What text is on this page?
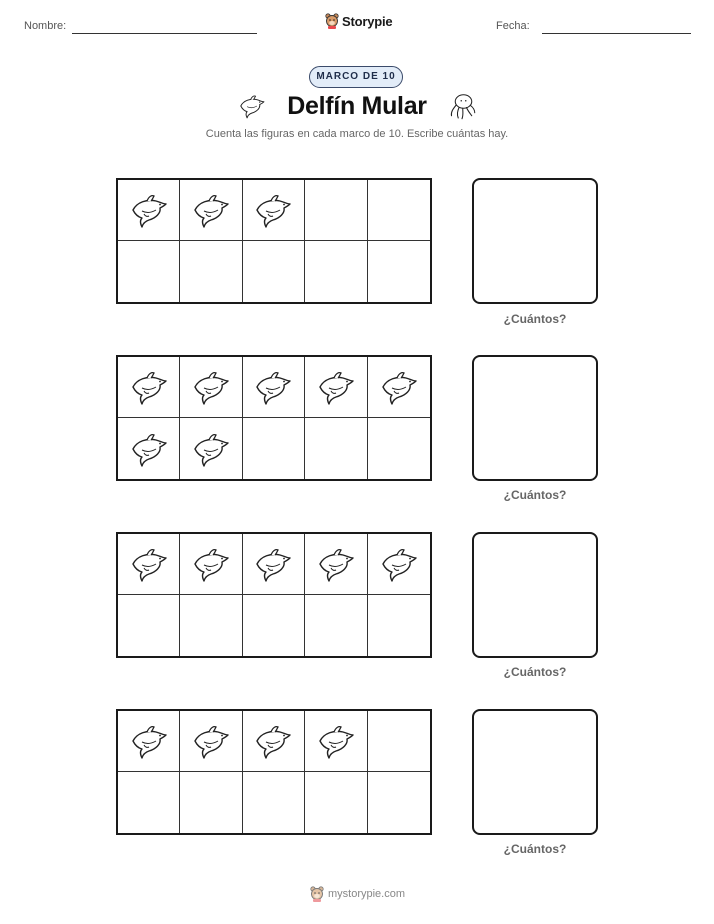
Nombre:	Storypie	Fecha:
MARCO DE 10
Delfín Mular
Cuenta las figuras en cada marco de 10. Escribe cuántas hay.
¿Cuántos?
¿Cuántos?
¿Cuántos?
¿Cuántos?
mystorypie.com
